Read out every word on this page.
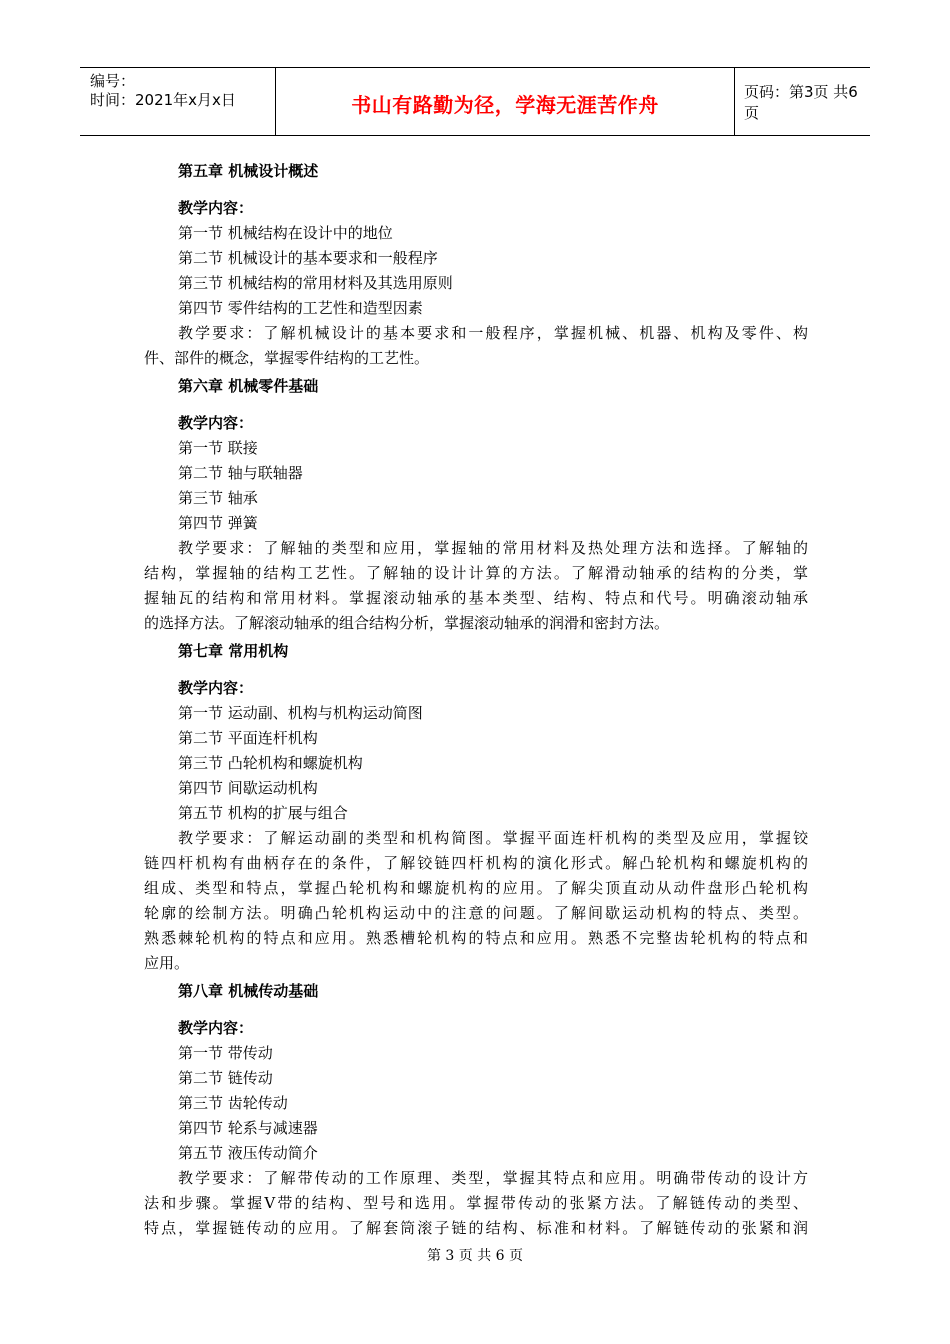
编号：
时间：2021年x月x日	书山有路勤为径，学海无涯苦作舟
页码：第3页 共6页
第五章 机械设计概述
教学内容：
第一节 机械结构在设计中的地位
第二节 机械设计的基本要求和一般程序
第三节 机械结构的常用材料及其选用原则
第四节 零件结构的工艺性和造型因素
教学要求：了解机械设计的基本要求和一般程序，掌握机械、机器、机构及零件、构
件、部件的概念，掌握零件结构的工艺性。
第六章 机械零件基础
教学内容：
第一节 联接
第二节 轴与联轴器
第三节 轴承
第四节 弹簧
教学要求：了解轴的类型和应用，掌握轴的常用材料及热处理方法和选择。了解轴的
结构，掌握轴的结构工艺性。了解轴的设计计算的方法。了解滑动轴承的结构的分类，掌
握轴瓦的结构和常用材料。掌握滚动轴承的基本类型、结构、特点和代号。明确滚动轴承
的选择方法。了解滚动轴承的组合结构分析，掌握滚动轴承的润滑和密封方法。
第七章 常用机构
教学内容：
第一节 运动副、机构与机构运动简图
第二节 平面连杆机构
第三节 凸轮机构和螺旋机构
第四节 间歇运动机构
第五节 机构的扩展与组合
教学要求：了解运动副的类型和机构简图。掌握平面连杆机构的类型及应用，掌握铰
链四杆机构有曲柄存在的条件，了解铰链四杆机构的演化形式。解凸轮机构和螺旋机构的
组成、类型和特点，掌握凸轮机构和螺旋机构的应用。了解尖顶直动从动件盘形凸轮机构
轮廓的绘制方法。明确凸轮机构运动中的注意的问题。了解间歇运动机构的特点、类型。
熟悉棘轮机构的特点和应用。熟悉槽轮机构的特点和应用。熟悉不完整齿轮机构的特点和
应用。
第八章 机械传动基础
教学内容：
第一节 带传动
第二节 链传动
第三节 齿轮传动
第四节 轮系与减速器
第五节 液压传动简介
教学要求：了解带传动的工作原理、类型，掌握其特点和应用。明确带传动的设计方
法和步骤。掌握V带的结构、型号和选用。掌握带传动的张紧方法。了解链传动的类型、
特点，掌握链传动的应用。了解套筒滚子链的结构、标准和材料。了解链传动的张紧和润
第 3 页 共 6 页
